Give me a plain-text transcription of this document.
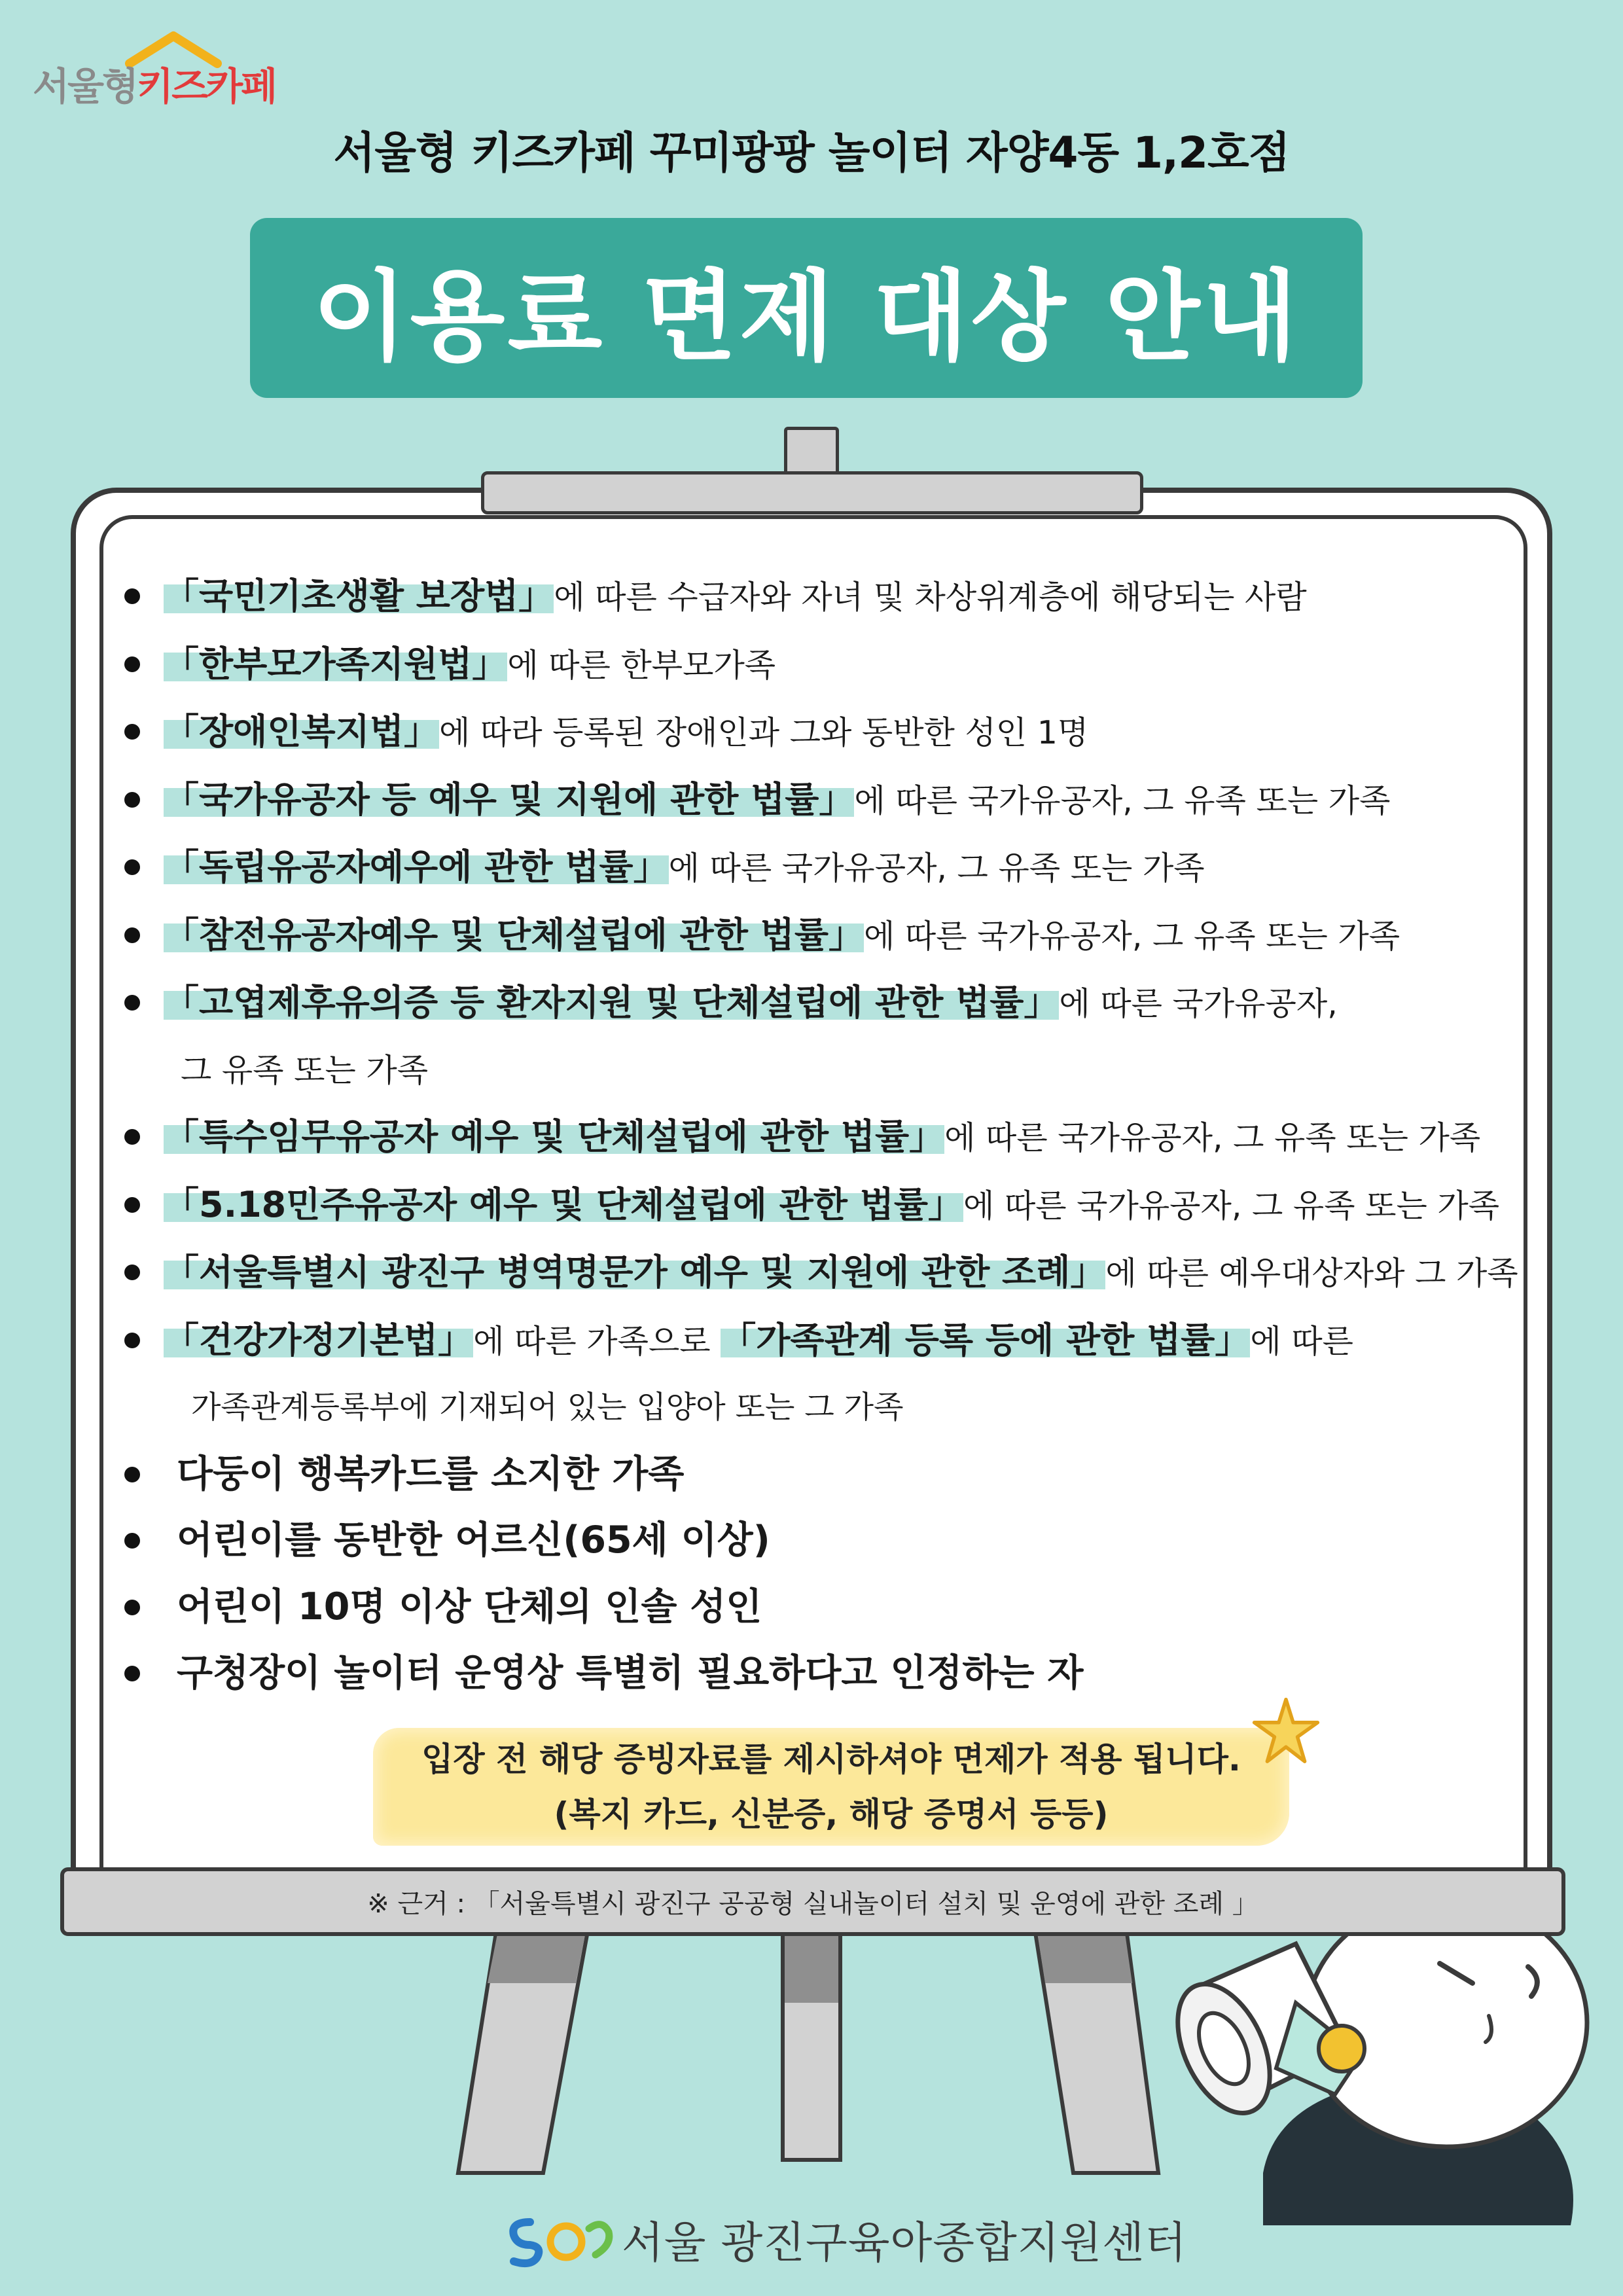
서울형키즈카페
서울형 키즈카페 꾸미팡팡 놀이터 자양4동 1,2호점
이용료 면제 대상 안내
※ 근거 : 「서울특별시 광진구 공공형 실내놀이터 설치 및 운영에 관한 조례 」
「국민기초생활 보장법」에 따른 수급자와 자녀 및 차상위계층에 해당되는 사람
「한부모가족지원법」에 따른 한부모가족
「장애인복지법」에 따라 등록된 장애인과 그와 동반한 성인 1명
「국가유공자 등 예우 및 지원에 관한 법률」에 따른 국가유공자, 그 유족 또는 가족
「독립유공자예우에 관한 법률」에 따른 국가유공자, 그 유족 또는 가족
「참전유공자예우 및 단체설립에 관한 법률」에 따른 국가유공자, 그 유족 또는 가족
「고엽제후유의증 등 환자지원 및 단체설립에 관한 법률」에 따른 국가유공자,
그 유족 또는 가족
「특수임무유공자 예우 및 단체설립에 관한 법률」에 따른 국가유공자, 그 유족 또는 가족
「5.18민주유공자 예우 및 단체설립에 관한 법률」에 따른 국가유공자, 그 유족 또는 가족
「서울특별시 광진구 병역명문가 예우 및 지원에 관한 조례」에 따른 예우대상자와 그 가족
「건강가정기본법」에 따른 가족으로 「가족관계 등록 등에 관한 법률」에 따른
가족관계등록부에 기재되어 있는 입양아 또는 그 가족
다둥이 행복카드를 소지한 가족
어린이를 동반한 어르신(65세 이상)
어린이 10명 이상 단체의 인솔 성인
구청장이 놀이터 운영상 특별히 필요하다고 인정하는 자
입장 전 해당 증빙자료를 제시하셔야 면제가 적용 됩니다.
(복지 카드, 신분증, 해당 증명서 등등)
서울 광진구육아종합지원센터
